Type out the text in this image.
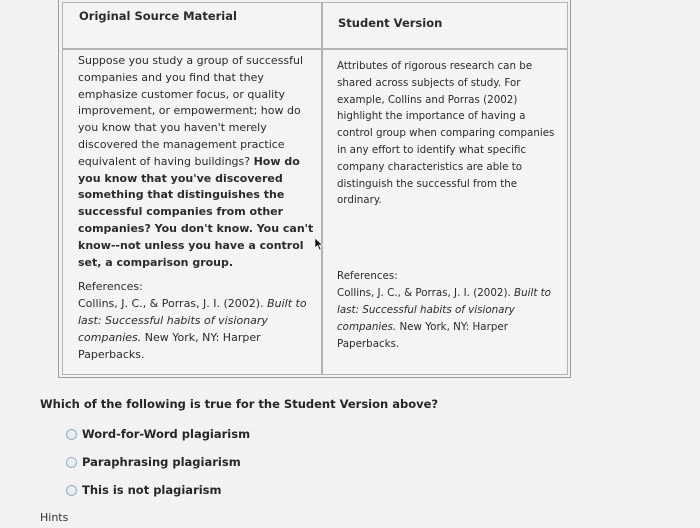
Original Source Material	Student Version
Suppose you study a group of successful companies and you find that they emphasize customer focus, or quality improvement, or empowerment; how do you know that you haven't merely discovered the management practice equivalent of having buildings? How do you know that you've discovered something that distinguishes the successful companies from other companies? You don't know. You can't know--not unless you have a control set, a comparison group.
References:
Collins, J. C., & Porras, J. I. (2002). Built to last: Successful habits of visionary companies. New York, NY: Harper Paperbacks.
Attributes of rigorous research can be shared across subjects of study. For example, Collins and Porras (2002) highlight the importance of having a control group when comparing companies in any effort to identify what specific company characteristics are able to distinguish the successful from the ordinary.
References:
Collins, J. C., & Porras, J. I. (2002). Built to last: Successful habits of visionary companies. New York, NY: Harper Paperbacks.
Which of the following is true for the Student Version above?
Word-for-Word plagiarism
Paraphrasing plagiarism
This is not plagiarism
Hints
